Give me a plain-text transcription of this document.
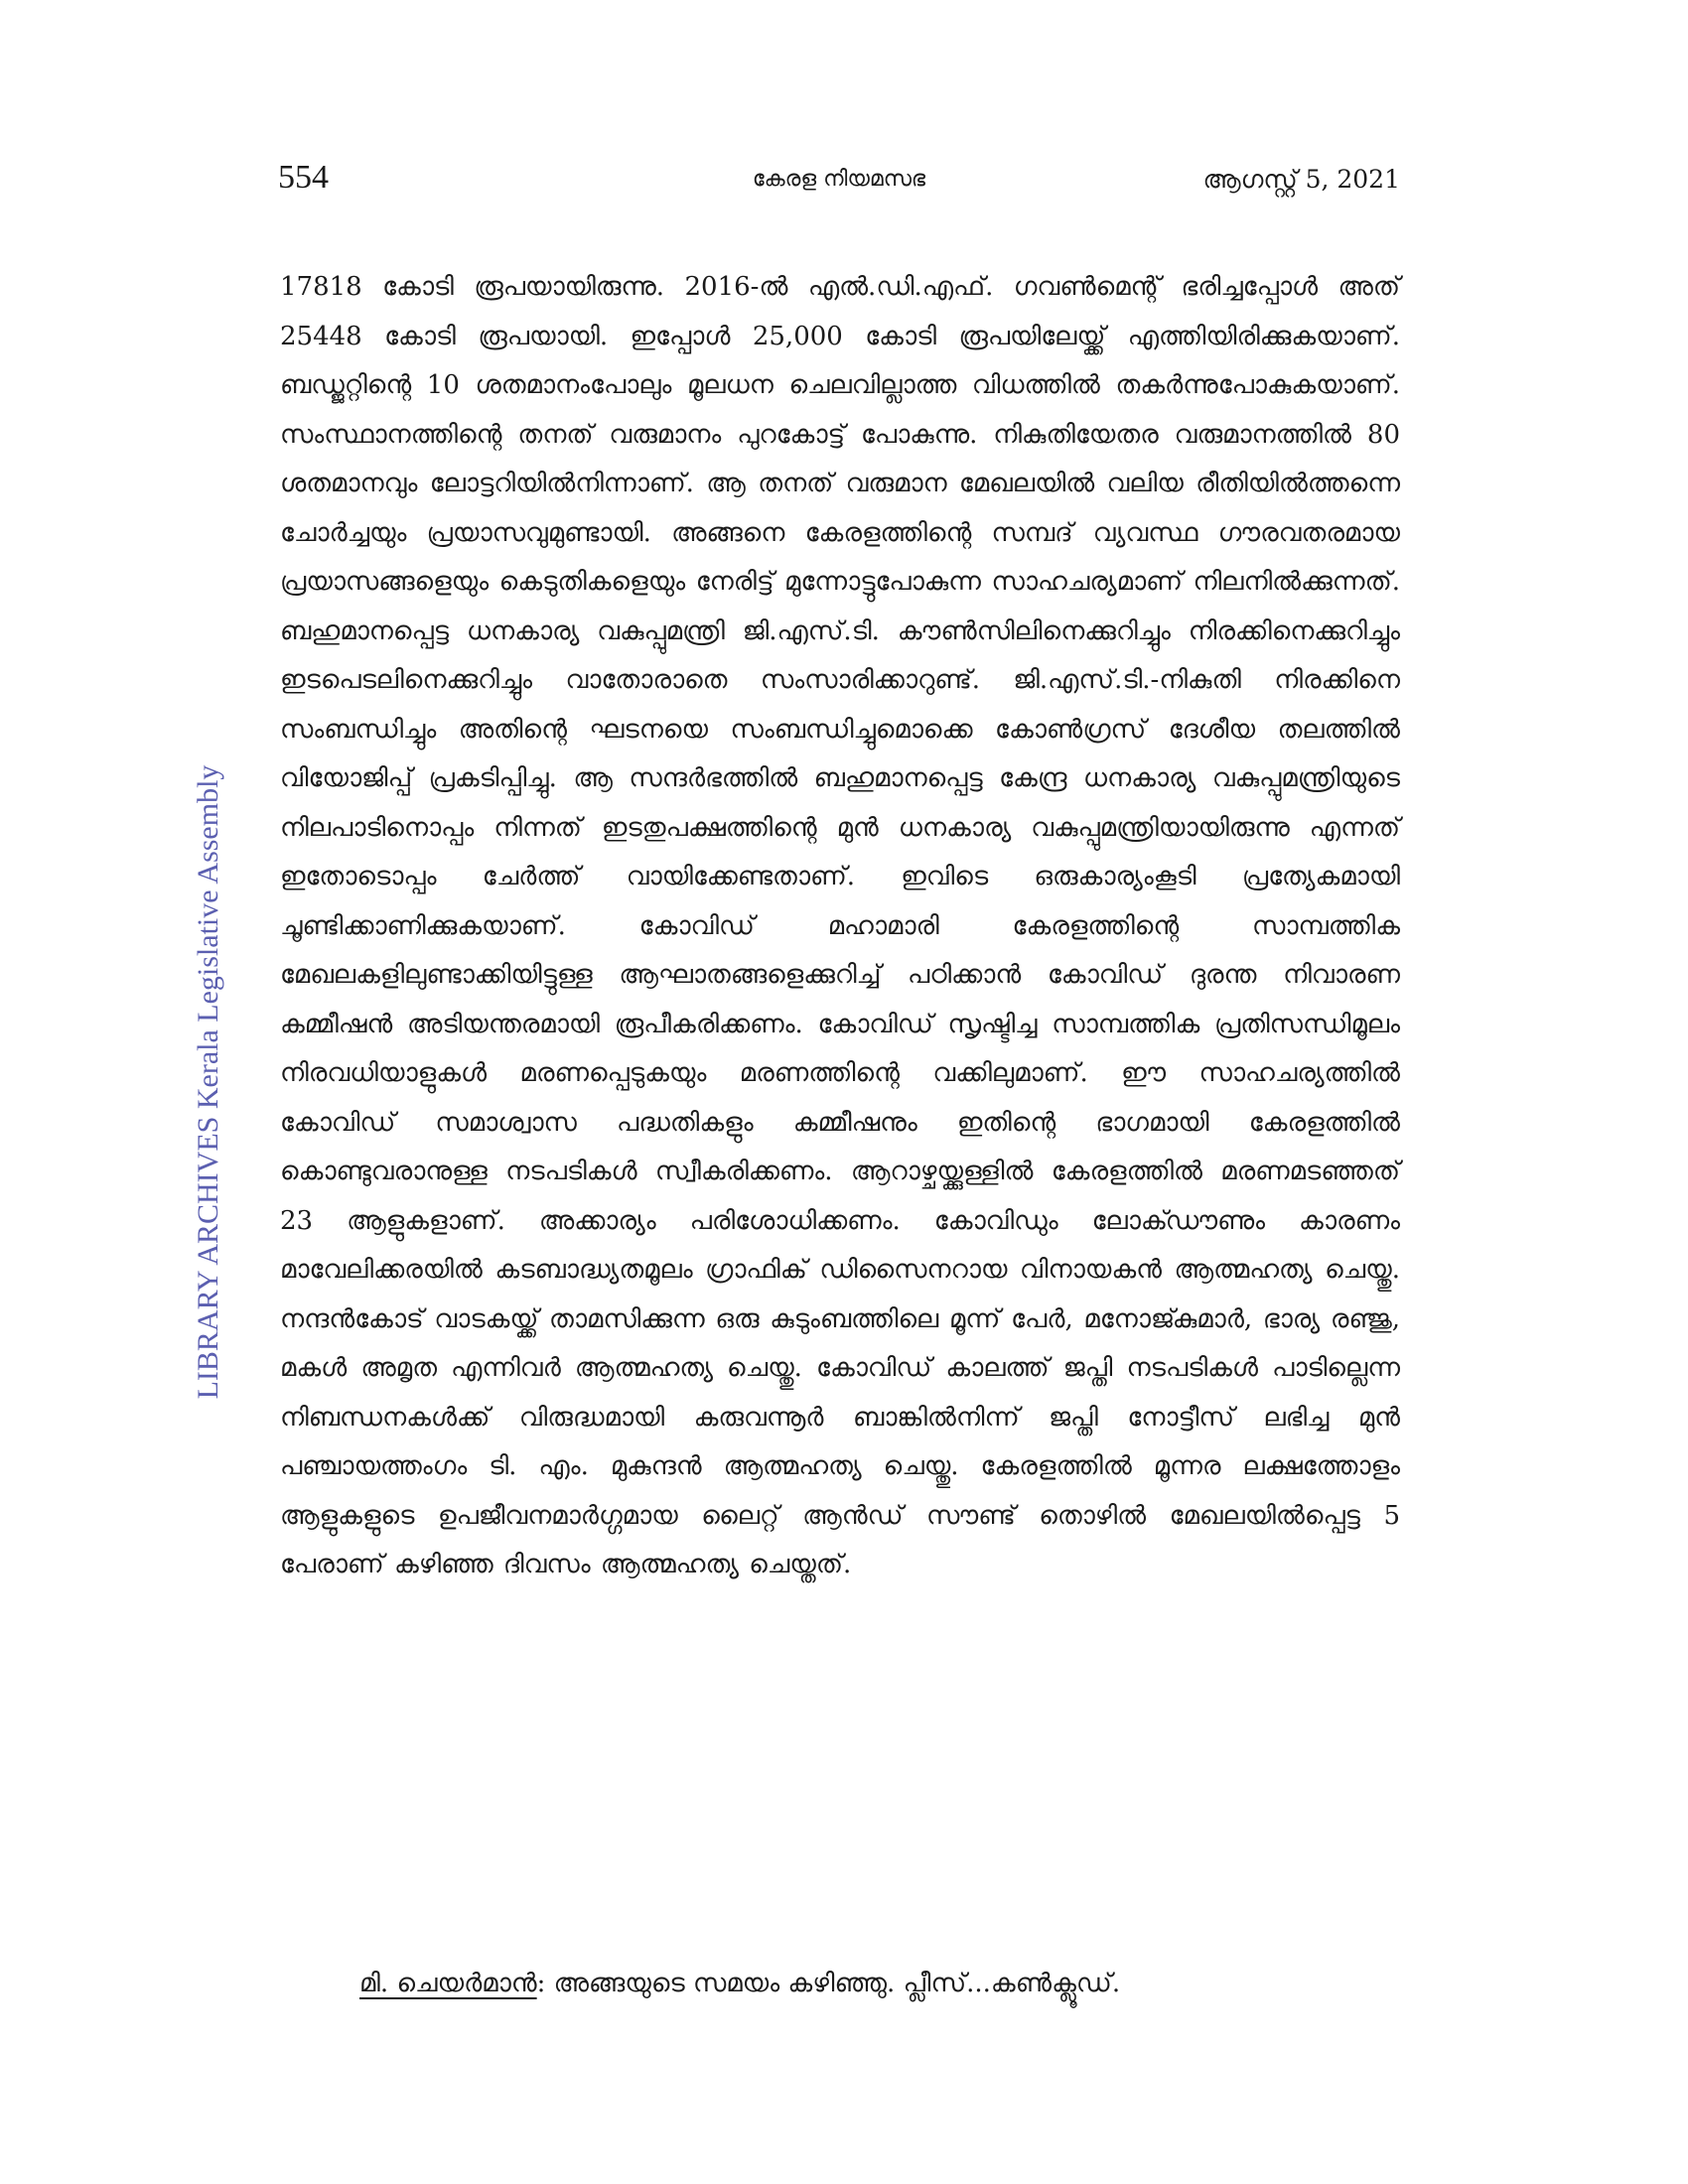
554	കേരള നിയമസഭ	ആഗസ്റ്റ് 5, 2021
LIBRARY ARCHIVES Kerala Legislative Assembly

17818 കോടി രൂപയായിരുന്നു. 2016-ൽ എൽ.ഡി.എഫ്. ഗവൺമെന്റ് ഭരിച്ചപ്പോൾ അത് 25448 കോടി രൂപയായി. ഇപ്പോൾ 25,000 കോടി രൂപയിലേയ്ക്ക് എത്തിയിരിക്കുകയാണ്. ബഡ്ജറ്റിന്റെ 10 ശതമാനംപോലും മൂലധന ചെലവില്ലാത്ത വിധത്തിൽ തകർന്നുപോകുകയാണ്. സംസ്ഥാനത്തിന്റെ തനത് വരുമാനം പുറകോട്ട് പോകുന്നു. നികുതിയേതര വരുമാനത്തിൽ 80 ശതമാനവും ലോട്ടറിയിൽനിന്നാണ്. ആ തനത് വരുമാന മേഖലയിൽ വലിയ രീതിയിൽത്തന്നെ ചോർച്ചയും പ്രയാസവുമുണ്ടായി. അങ്ങനെ കേരളത്തിന്റെ സമ്പദ് വ്യവസ്ഥ ഗൗരവതരമായ പ്രയാസങ്ങളെയും കെടുതികളെയും നേരിട്ട് മുന്നോട്ടുപോകുന്ന സാഹചര്യമാണ് നിലനിൽക്കുന്നത്. ബഹുമാനപ്പെട്ട ധനകാര്യ വകുപ്പുമന്ത്രി ജി.എസ്.ടി. കൗൺസിലിനെക്കുറിച്ചും നിരക്കിനെക്കുറിച്ചും ഇടപെടലിനെക്കുറിച്ചും വാതോരാതെ സംസാരിക്കാറുണ്ട്. ജി.എസ്.ടി.-നികുതി നിരക്കിനെ സംബന്ധിച്ചും അതിന്റെ ഘടനയെ സംബന്ധിച്ചുമൊക്കെ കോൺഗ്രസ് ദേശീയ തലത്തിൽ വിയോജിപ്പ് പ്രകടിപ്പിച്ചു. ആ സന്ദർഭത്തിൽ ബഹുമാനപ്പെട്ട കേന്ദ്ര ധനകാര്യ വകുപ്പുമന്ത്രിയുടെ നിലപാടിനൊപ്പം നിന്നത് ഇടതുപക്ഷത്തിന്റെ മുൻ ധനകാര്യ വകുപ്പുമന്ത്രിയായിരുന്നു എന്നത് ഇതോടൊപ്പം ചേർത്ത് വായിക്കേണ്ടതാണ്. ഇവിടെ ഒരുകാര്യംകൂടി പ്രത്യേകമായി ചൂണ്ടിക്കാണിക്കുകയാണ്. കോവിഡ് മഹാമാരി കേരളത്തിന്റെ സാമ്പത്തിക മേഖലകളിലുണ്ടാക്കിയിട്ടുള്ള ആഘാതങ്ങളെക്കുറിച്ച് പഠിക്കാൻ കോവിഡ് ദുരന്ത നിവാരണ കമ്മീഷൻ അടിയന്തരമായി രൂപീകരിക്കണം. കോവിഡ് സൃഷ്ടിച്ച സാമ്പത്തിക പ്രതിസന്ധിമൂലം നിരവധിയാളുകൾ മരണപ്പെടുകയും മരണത്തിന്റെ വക്കിലുമാണ്. ഈ സാഹചര്യത്തിൽ കോവിഡ് സമാശ്വാസ പദ്ധതികളും കമ്മീഷനും ഇതിന്റെ ഭാഗമായി കേരളത്തിൽ കൊണ്ടുവരാനുള്ള നടപടികൾ സ്വീകരിക്കണം. ആറാഴ്ചയ്ക്കുള്ളിൽ കേരളത്തിൽ മരണമടഞ്ഞത് 23 ആളുകളാണ്. അക്കാര്യം പരിശോധിക്കണം. കോവിഡും ലോക്ഡൗണും കാരണം മാവേലിക്കരയിൽ കടബാദ്ധ്യതമൂലം ഗ്രാഫിക് ഡിസൈനറായ വിനായകൻ ആത്മഹത്യ ചെയ്തു. നന്ദൻകോട് വാടകയ്ക്ക് താമസിക്കുന്ന ഒരു കുടുംബത്തിലെ മൂന്ന് പേർ, മനോജ്കുമാർ, ഭാര്യ രഞ്ജു, മകൾ അമൃത എന്നിവർ ആത്മഹത്യ ചെയ്തു. കോവിഡ് കാലത്ത് ജപ്തി നടപടികൾ പാടില്ലെന്ന നിബന്ധനകൾക്ക് വിരുദ്ധമായി കരുവന്നൂർ ബാങ്കിൽനിന്ന് ജപ്തി നോട്ടീസ് ലഭിച്ച മുൻ പഞ്ചായത്തംഗം ടി. എം. മുകുന്ദൻ ആത്മഹത്യ ചെയ്തു. കേരളത്തിൽ മൂന്നര ലക്ഷത്തോളം ആളുകളുടെ ഉപജീവനമാർഗ്ഗമായ ലൈറ്റ് ആൻഡ് സൗണ്ട് തൊഴിൽ മേഖലയിൽപ്പെട്ട 5 പേരാണ് കഴിഞ്ഞ ദിവസം ആത്മഹത്യ ചെയ്തത്.

മി. ചെയർമാൻ: അങ്ങയുടെ സമയം കഴിഞ്ഞു. പ്ലീസ്...കൺക്ലൂഡ്.
